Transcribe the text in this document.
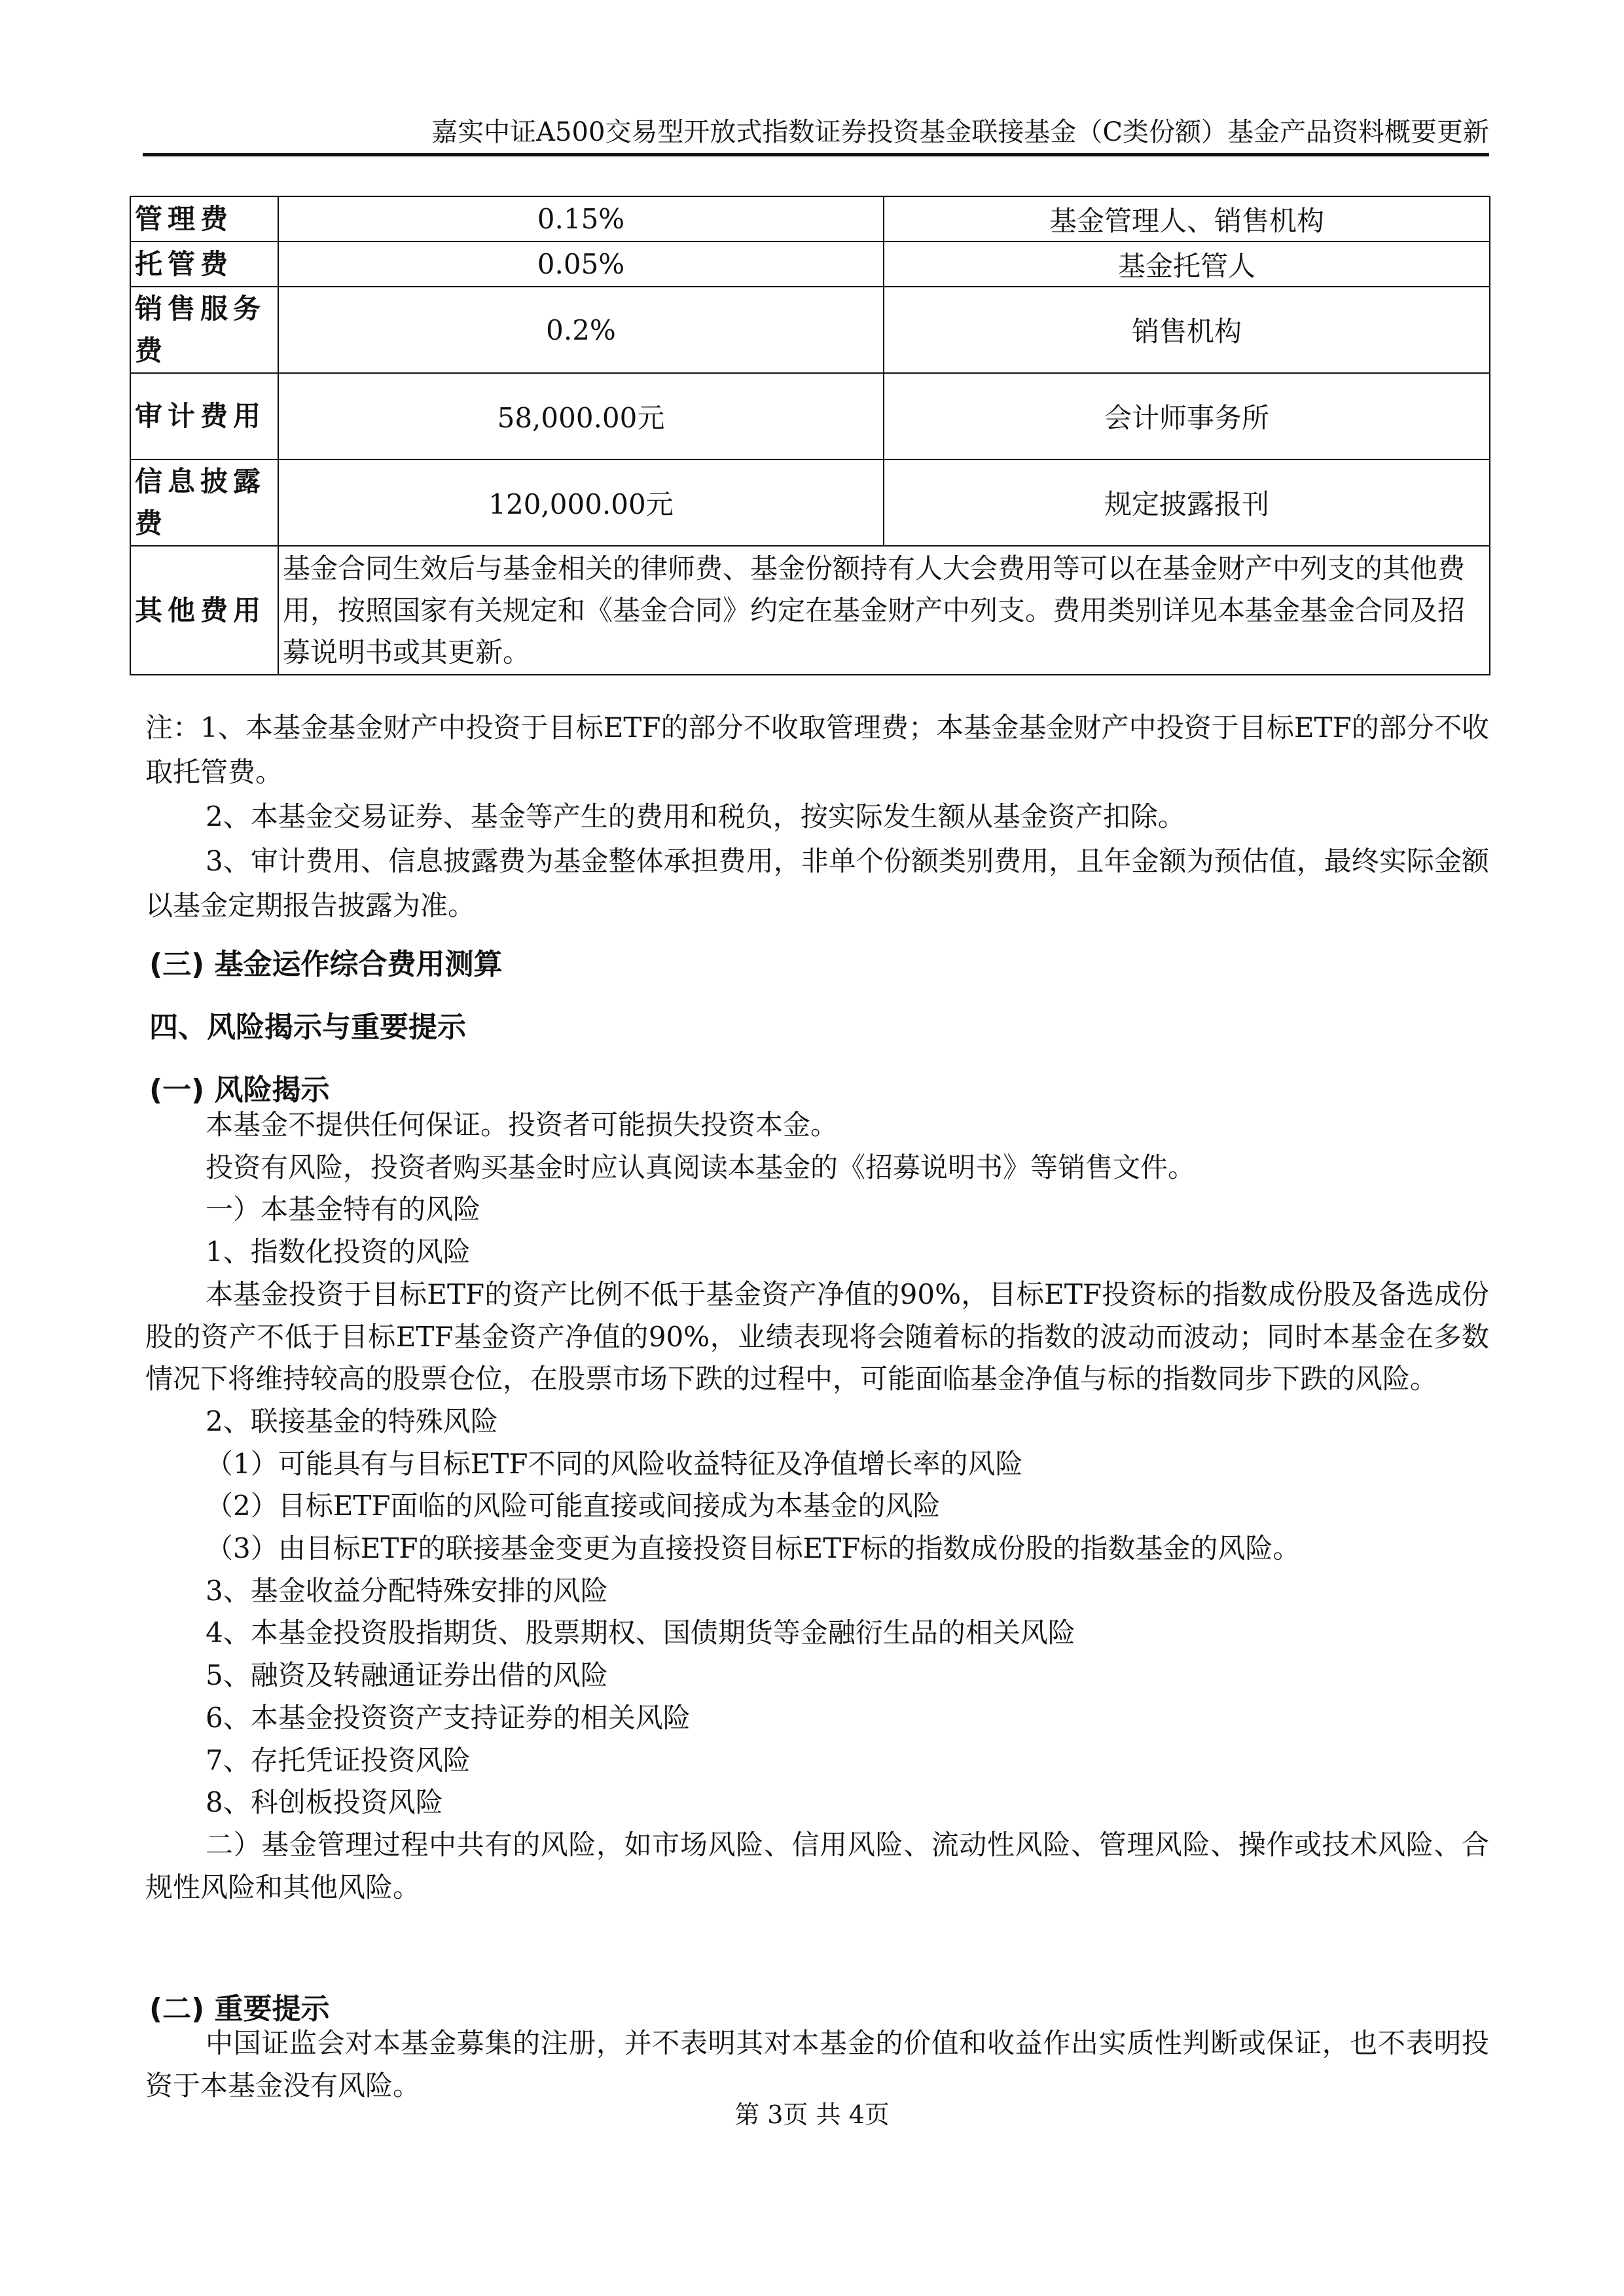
嘉实中证A500交易型开放式指数证券投资基金联接基金（C类份额）基金产品资料概要更新
管理费	0.15%	基金管理人、销售机构
托管费	0.05%	基金托管人
销售服务费	0.2%	销售机构
审计费用	58,000.00元	会计师事务所
信息披露费	120,000.00元	规定披露报刊
其他费用	基金合同生效后与基金相关的律师费、基金份额持有人大会费用等可以在基金财产中列支的其他费用，按照国家有关规定和《基金合同》约定在基金财产中列支。费用类别详见本基金基金合同及招募说明书或其更新。	

注：1、本基金基金财产中投资于目标ETF的部分不收取管理费；本基金基金财产中投资于目标ETF的部分不收取托管费。

2、本基金交易证券、基金等产生的费用和税负，按实际发生额从基金资产扣除。

3、审计费用、信息披露费为基金整体承担费用，非单个份额类别费用，且年金额为预估值，最终实际金额以基金定期报告披露为准。

(三) 基金运作综合费用测算
四、风险揭示与重要提示
(一) 风险揭示

本基金不提供任何保证。投资者可能损失投资本金。

投资有风险，投资者购买基金时应认真阅读本基金的《招募说明书》等销售文件。

一）本基金特有的风险

1、指数化投资的风险

本基金投资于目标ETF的资产比例不低于基金资产净值的90%，目标ETF投资标的指数成份股及备选成份股的资产不低于目标ETF基金资产净值的90%，业绩表现将会随着标的指数的波动而波动；同时本基金在多数情况下将维持较高的股票仓位，在股票市场下跌的过程中，可能面临基金净值与标的指数同步下跌的风险。

2、联接基金的特殊风险

（1）可能具有与目标ETF不同的风险收益特征及净值增长率的风险

（2）目标ETF面临的风险可能直接或间接成为本基金的风险

（3）由目标ETF的联接基金变更为直接投资目标ETF标的指数成份股的指数基金的风险。

3、基金收益分配特殊安排的风险

4、本基金投资股指期货、股票期权、国债期货等金融衍生品的相关风险

5、融资及转融通证券出借的风险

6、本基金投资资产支持证券的相关风险

7、存托凭证投资风险

8、科创板投资风险

二）基金管理过程中共有的风险，如市场风险、信用风险、流动性风险、管理风险、操作或技术风险、合规性风险和其他风险。

(二) 重要提示

中国证监会对本基金募集的注册，并不表明其对本基金的价值和收益作出实质性判断或保证，也不表明投资于本基金没有风险。

第 3页 共 4页
